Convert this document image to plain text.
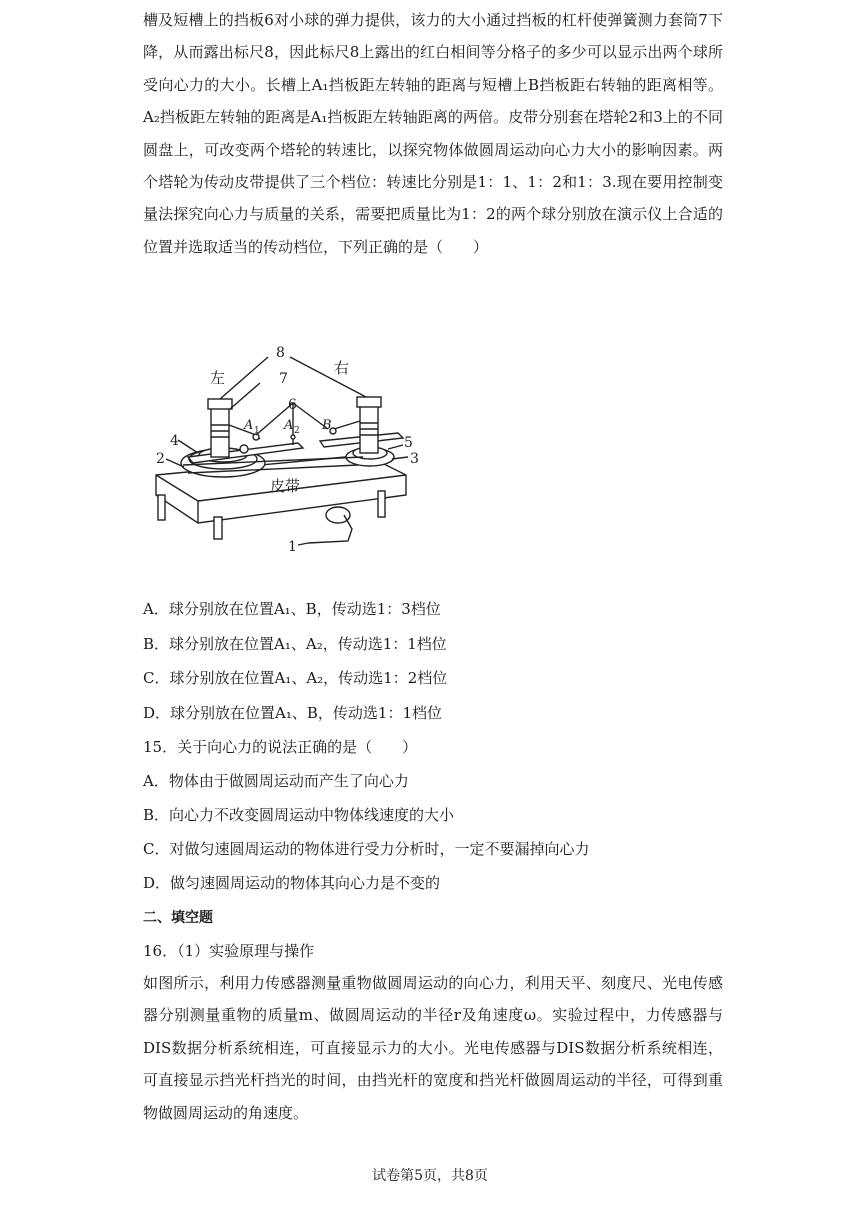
槽及短槽上的挡板6对小球的弹力提供，该力的大小通过挡板的杠杆使弹簧测力套筒7下降，从而露出标尺8，因此标尺8上露出的红白相间等分格子的多少可以显示出两个球所受向心力的大小。长槽上A₁挡板距左转轴的距离与短槽上B挡板距右转轴的距离相等。A₂挡板距左转轴的距离是A₁挡板距左转轴距离的两倍。皮带分别套在塔轮2和3上的不同圆盘上，可改变两个塔轮的转速比，以探究物体做圆周运动向心力大小的影响因素。两个塔轮为传动皮带提供了三个档位：转速比分别是1：1、1：2和1：3.现在要用控制变量法探究向心力与质量的关系，需要把质量比为1：2的两个球分别放在演示仪上合适的位置并选取适当的传动档位，下列正确的是（　　）
左
右
8
7
6
A 1 A 2 B
4
2
5
3
皮带
1
A．球分别放在位置A₁、B，传动选1：3档位
B．球分别放在位置A₁、A₂，传动选1：1档位
C．球分别放在位置A₁、A₂，传动选1：2档位
D．球分别放在位置A₁、B，传动选1：1档位
15．关于向心力的说法正确的是（　　）
A．物体由于做圆周运动而产生了向心力
B．向心力不改变圆周运动中物体线速度的大小
C．对做匀速圆周运动的物体进行受力分析时，一定不要漏掉向心力
D．做匀速圆周运动的物体其向心力是不变的
二、填空题
16．（1）实验原理与操作
如图所示，利用力传感器测量重物做圆周运动的向心力，利用天平、刻度尺、光电传感器分别测量重物的质量m、做圆周运动的半径r及角速度ω。实验过程中，力传感器与DIS数据分析系统相连，可直接显示力的大小。光电传感器与DIS数据分析系统相连，可直接显示挡光杆挡光的时间，由挡光杆的宽度和挡光杆做圆周运动的半径，可得到重物做圆周运动的角速度。
试卷第5页，共8页
